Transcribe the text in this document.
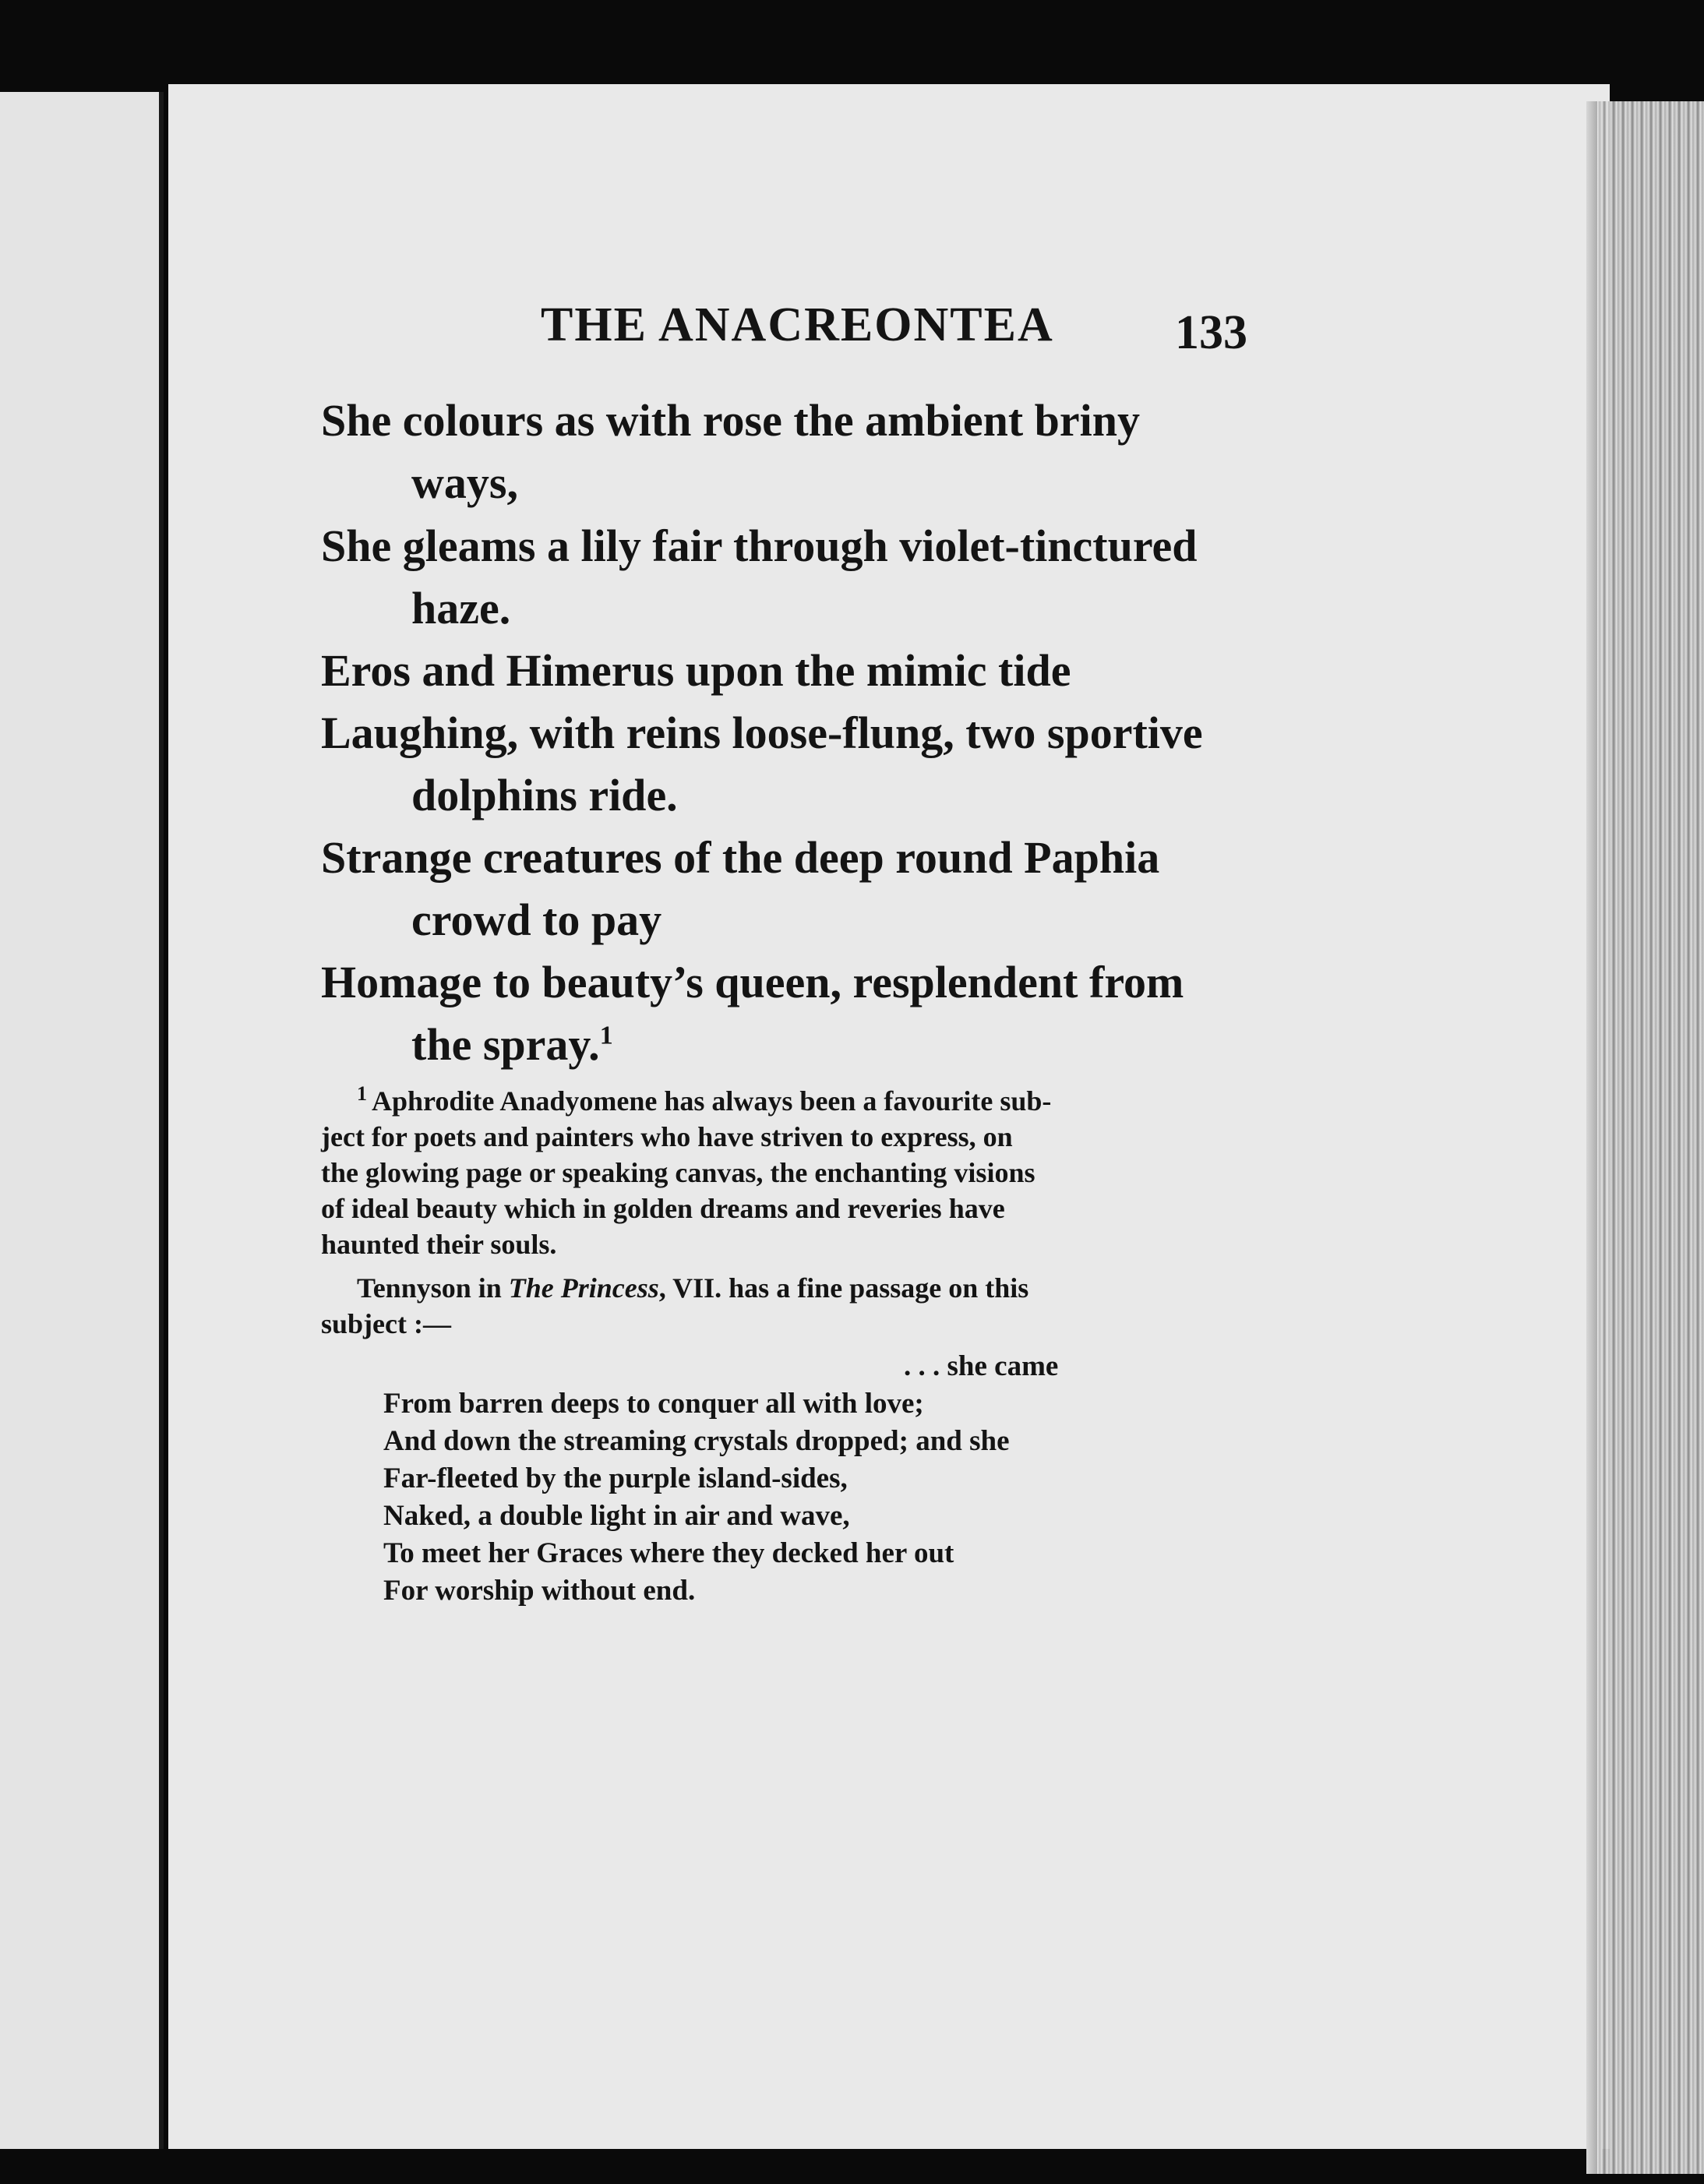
THE ANACREONTEA	133
She colours as with rose the ambient briny
ways,
She gleams a lily fair through violet-tinctured
haze.
Eros and Himerus upon the mimic tide
Laughing, with reins loose-flung, two sportive
dolphins ride.
Strange creatures of the deep round Paphia
crowd to pay
Homage to beauty’s queen, resplendent from
the spray.$^1$
$^1$ Aphrodite Anadyomene has always been a favourite sub-
ject for poets and painters who have striven to express, on
the glowing page or speaking canvas, the enchanting visions
of ideal beauty which in golden dreams and reveries have
haunted their souls.
Tennyson in The Princess, VII. has a fine passage on this
subject :—
. . . she came
From barren deeps to conquer all with love;
And down the streaming crystals dropped; and she
Far-fleeted by the purple island-sides,
Naked, a double light in air and wave,
To meet her Graces where they decked her out
For worship without end.
